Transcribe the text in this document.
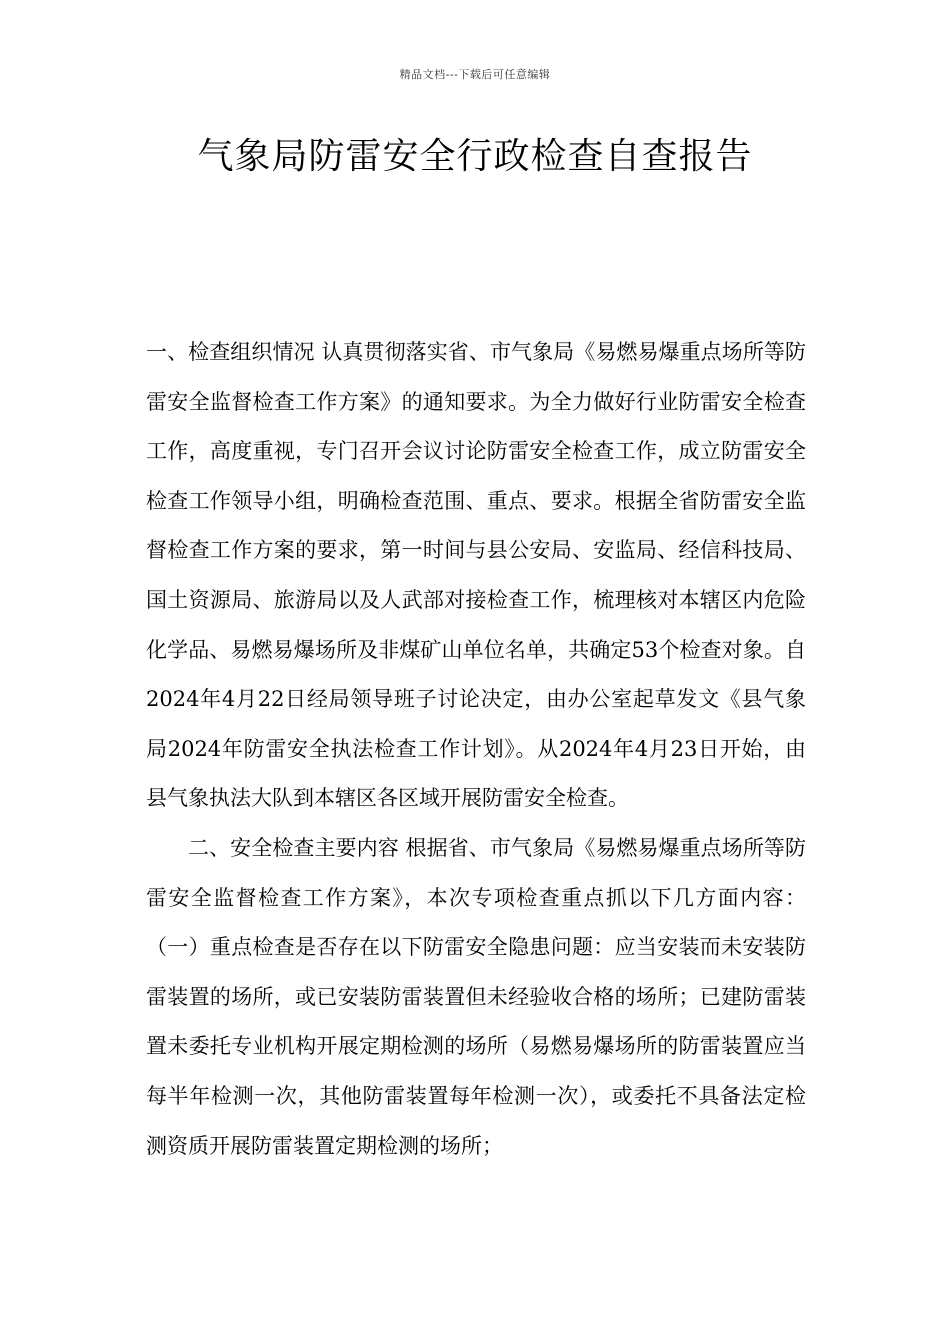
精品文档---下载后可任意编辑
气象局防雷安全行政检查自查报告

一、检查组织情况 认真贯彻落实省、市气象局《易燃易爆重点场所等防雷安全监督检查工作方案》的通知要求。为全力做好行业防雷安全检查工作，高度重视，专门召开会议讨论防雷安全检查工作，成立防雷安全检查工作领导小组，明确检查范围、重点、要求。根据全省防雷安全监督检查工作方案的要求，第一时间与县公安局、安监局、经信科技局、国土资源局、旅游局以及人武部对接检查工作，梳理核对本辖区内危险化学品、易燃易爆场所及非煤矿山单位名单，共确定53个检查对象。自2024年4月22日经局领导班子讨论决定，由办公室起草发文《县气象局2024年防雷安全执法检查工作计划》。从2024年4月23日开始，由县气象执法大队到本辖区各区域开展防雷安全检查。

二、安全检查主要内容 根据省、市气象局《易燃易爆重点场所等防雷安全监督检查工作方案》，本次专项检查重点抓以下几方面内容：（一）重点检查是否存在以下防雷安全隐患问题：应当安装而未安装防雷装置的场所，或已安装防雷装置但未经验收合格的场所；已建防雷装置未委托专业机构开展定期检测的场所（易燃易爆场所的防雷装置应当每半年检测一次，其他防雷装置每年检测一次），或委托不具备法定检测资质开展防雷装置定期检测的场所；
